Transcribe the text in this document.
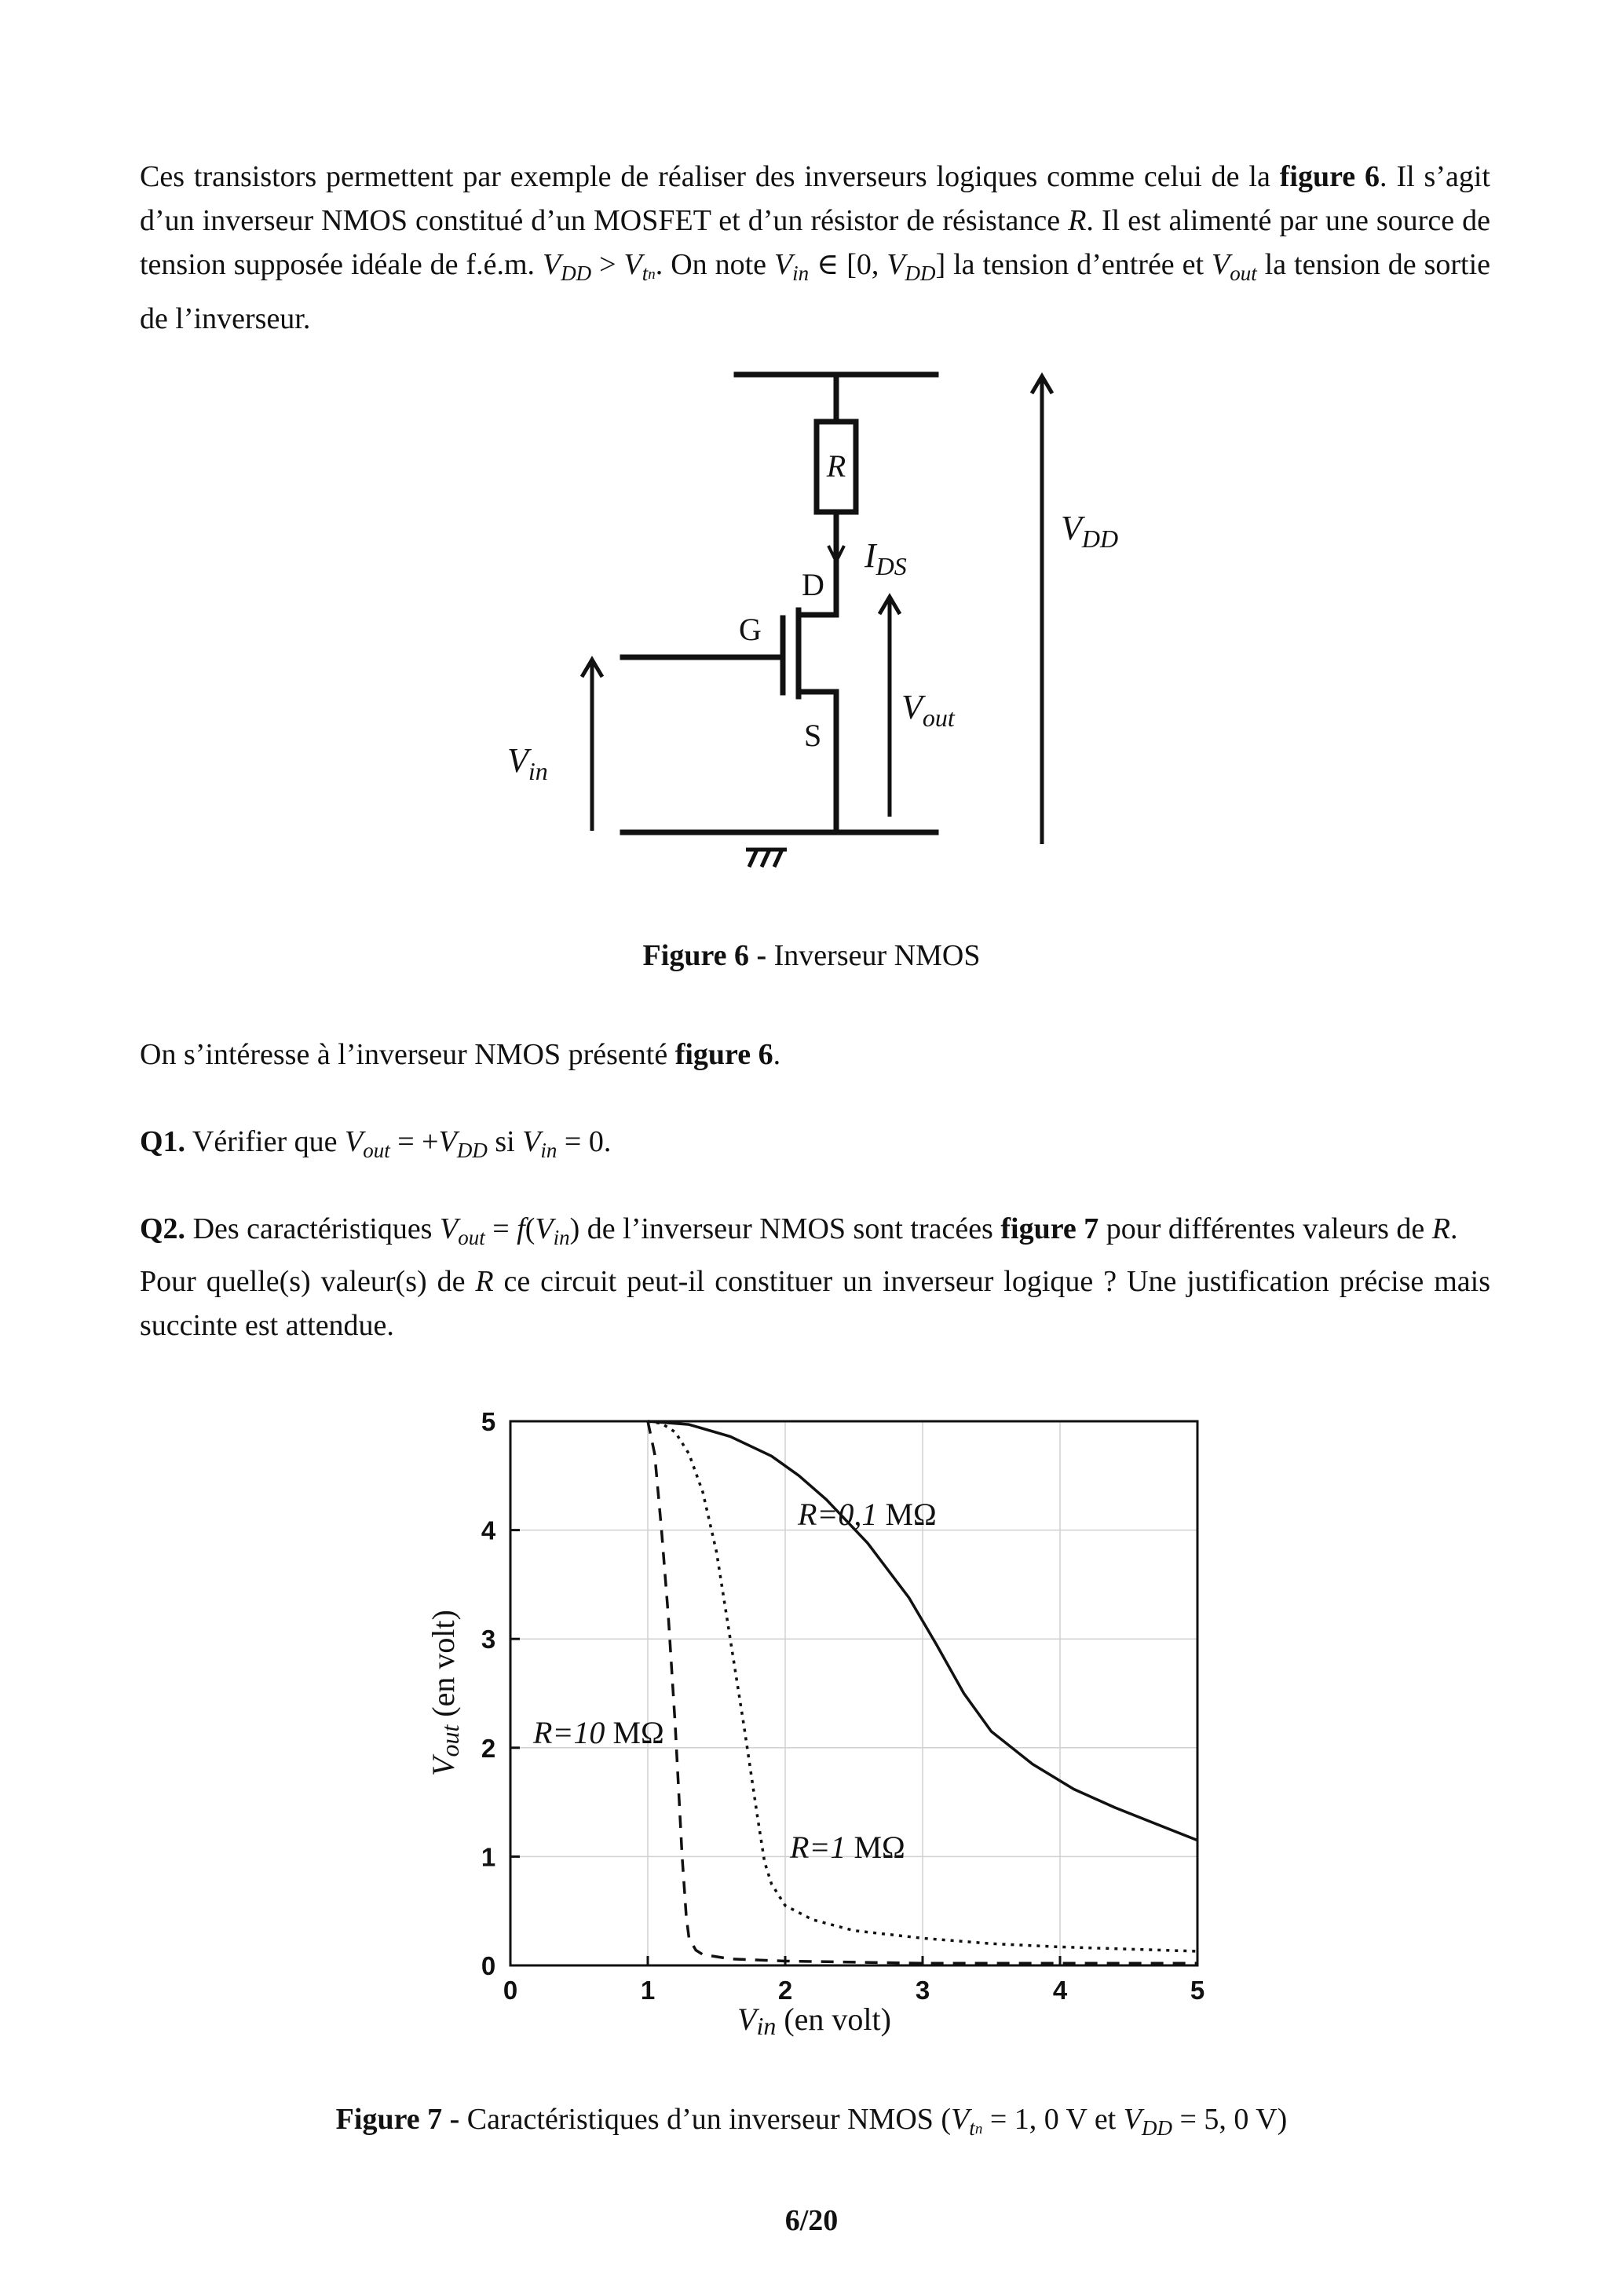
Ces transistors permettent par exemple de réaliser des inverseurs logiques comme celui de la figure 6. Il s’agit d’un inverseur NMOS constitué d’un MOSFET et d’un résistor de résistance R. Il est alimenté par une source de tension supposée idéale de f.é.m. $V_{DD} > V_tn$. On note $V_{in}$ ∈ [0, $V_{DD}$] la tension d’entrée et $V_{out}$ la tension de sortie de l’inverseur.

R
D
G
S
$I_{DS}$
$V_{out}$
$V_{in}$
$V_{DD}$
Figure 6 - Inverseur NMOS

On s’intéresse à l’inverseur NMOS présenté figure 6.

Q1. Vérifier que $V_{out} = +V_{DD}$ si $V_{in} = 0$.

Q2. Des caractéristiques $V_{out} = f(V_{in})$ de l’inverseur NMOS sont tracées figure 7 pour différentes valeurs de R.
Pour quelle(s) valeur(s) de R ce circuit peut-il constituer un inverseur logique ? Une justification précise mais succinte est attendue.

0	1	2	3	4	5
0
1
2
3
4
5
R=0,1 MΩ
R=10 MΩ
R=1 MΩ
Vin (en volt)
Vout (en volt)
Figure 7 - Caractéristiques d’un inverseur NMOS ($V_tn = 1$, 0 V et $V_{DD} = 5$, 0 V)
6/20
